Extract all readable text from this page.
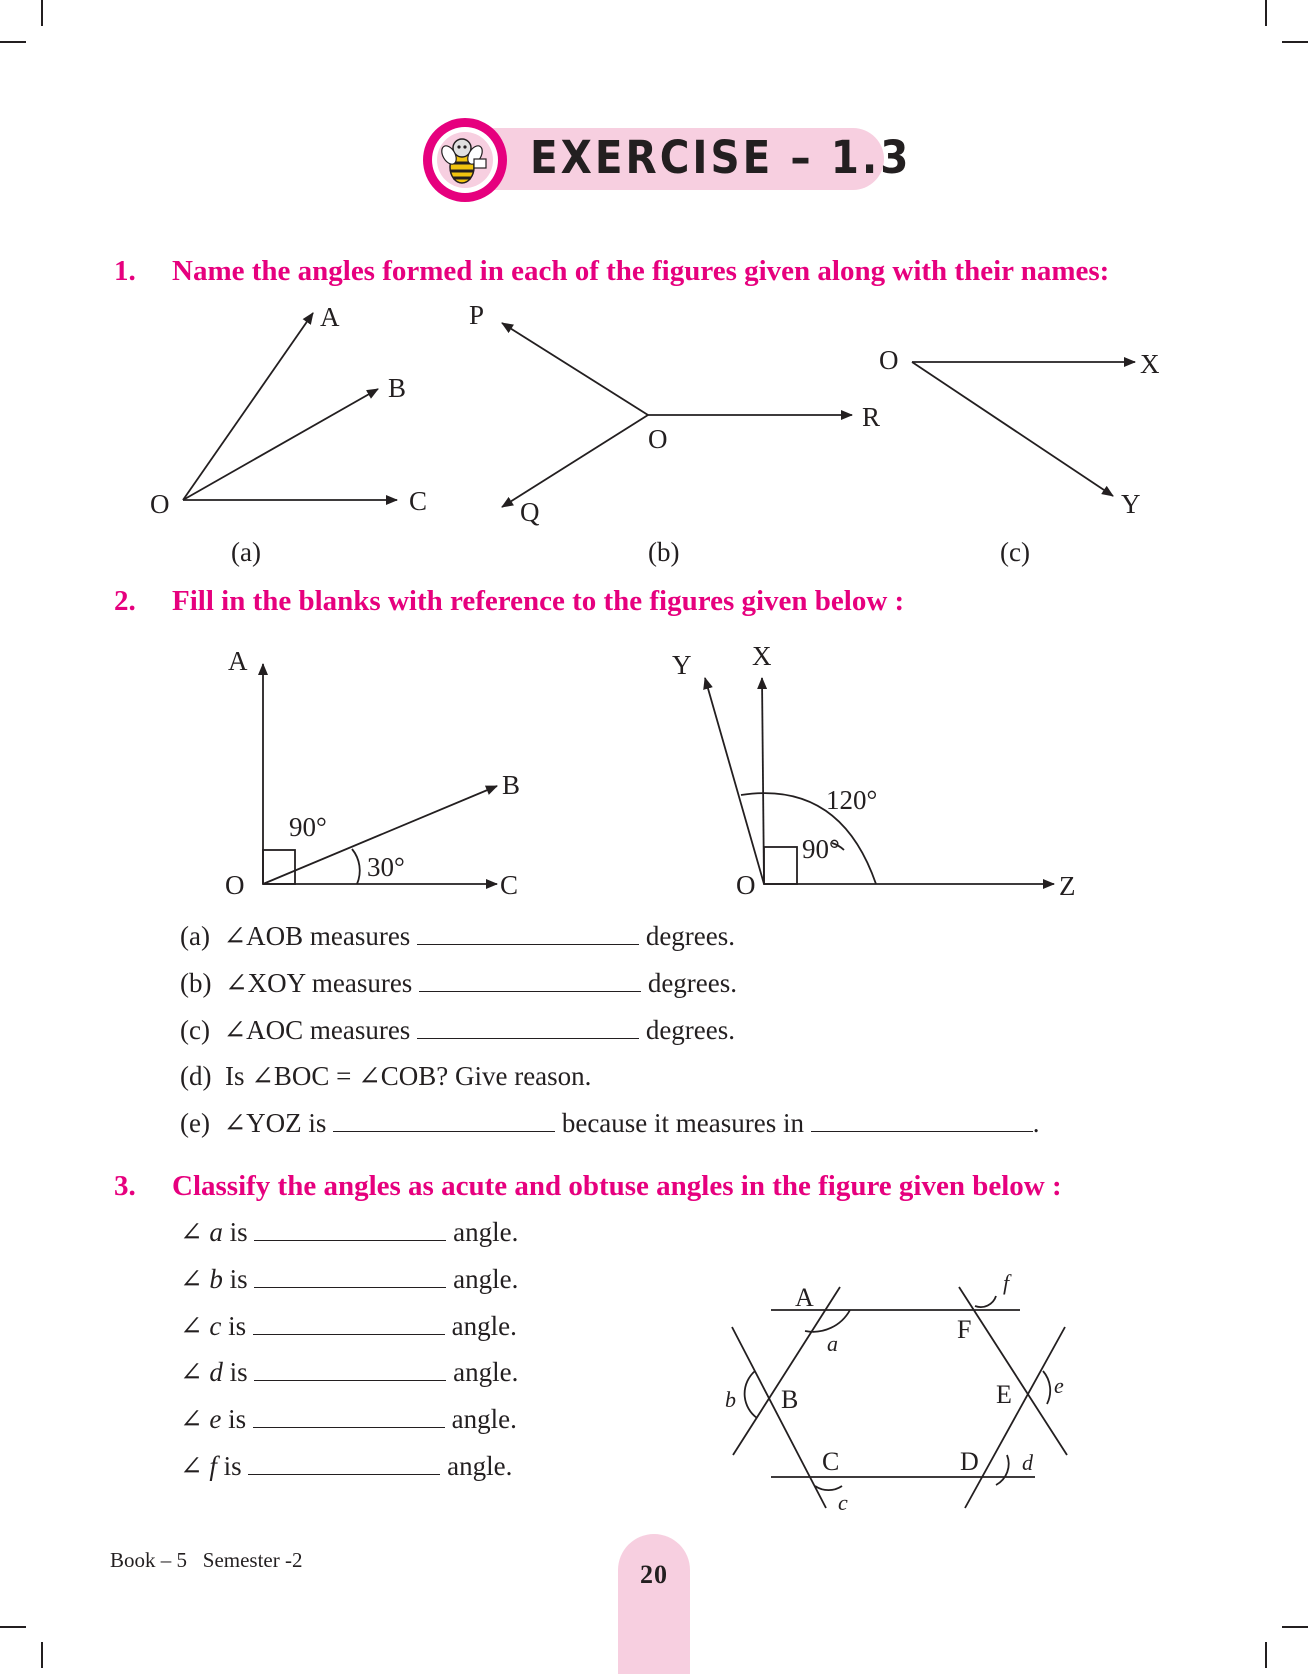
EXERCISE – 1.3
1. Name the angles formed in each of the figures given along with their names:
A
B
C
O
(a)
P
O
R
Q
(b)
O	X
Y
(c)
2. Fill in the blanks with reference to the figures given below :
A
B
C
O
90°
30°
Y X
Z
O
120°
90°
(a) ∠AOB measures	degrees.
(b) ∠XOY measures	degrees.
(c) ∠AOC measures	degrees.
(d) Is ∠BOC = ∠COB? Give reason.
(e) ∠YOZ is	because it measures in	.
3. Classify the angles as acute and obtuse angles in the figure given below :
∠ a is	angle.
∠ b is	angle.
∠ c is	angle.
∠ d is	angle.
∠ e is	angle.
∠ f is	angle.
A
F
B	E
C	D
a
b
c
d
e
f
Book – 5 Semester -2	20
